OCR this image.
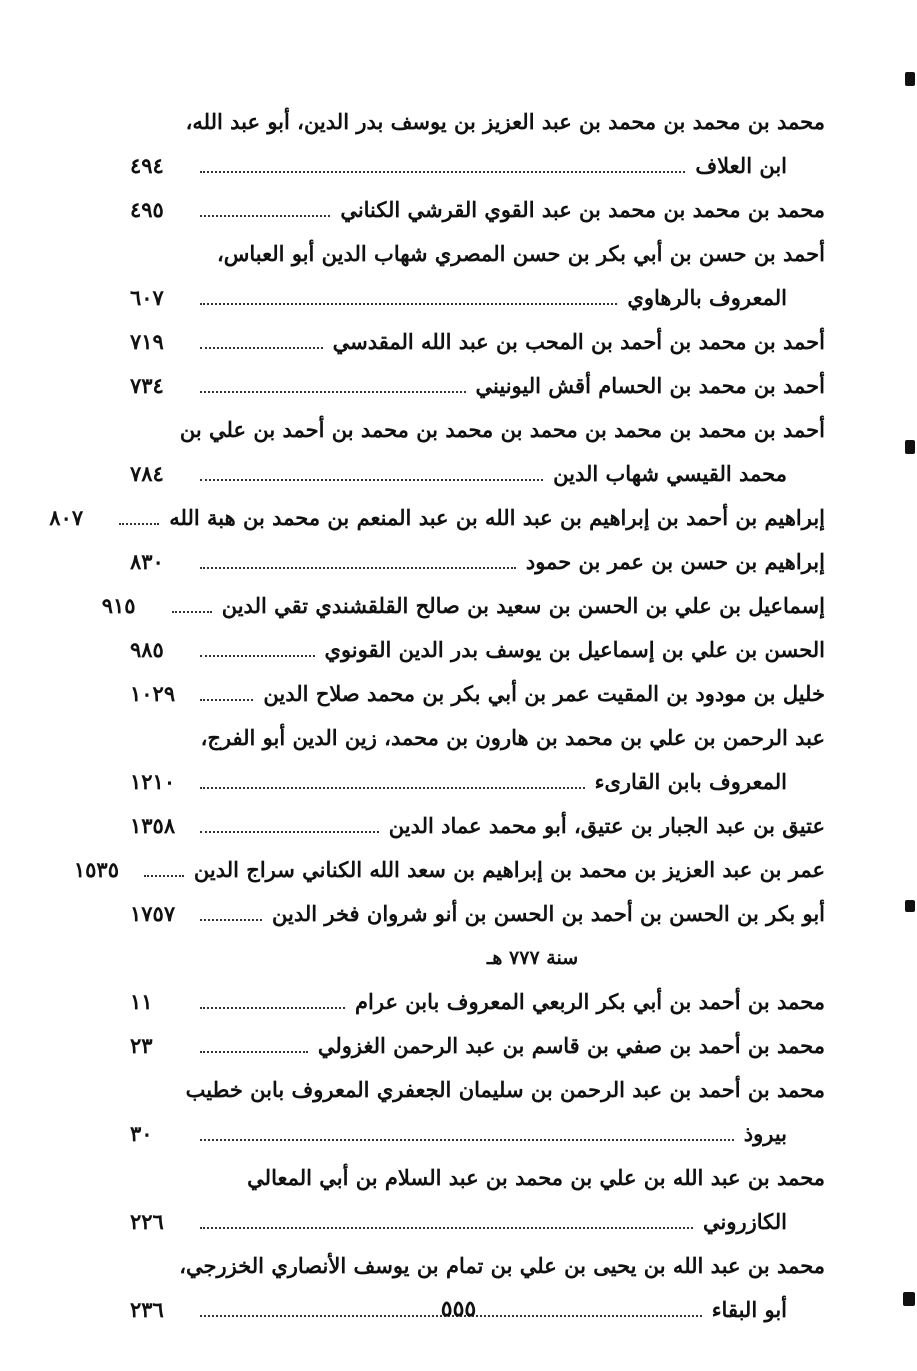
محمد بن محمد بن محمد بن عبد العزيز بن يوسف بدر الدين، أبو عبد الله،
ابن العلاف
٤٩٤
محمد بن محمد بن محمد بن عبد القوي القرشي الكناني
٤٩٥
أحمد بن حسن بن أبي بكر بن حسن المصري شهاب الدين أبو العباس،
المعروف بالرهاوي
٦٠٧
أحمد بن محمد بن أحمد بن المحب بن عبد الله المقدسي
٧١٩
أحمد بن محمد بن الحسام أقش اليونيني
٧٣٤
أحمد بن محمد بن محمد بن محمد بن محمد بن محمد بن أحمد بن علي بن
محمد القيسي شهاب الدين
٧٨٤
إبراهيم بن أحمد بن إبراهيم بن عبد الله بن عبد المنعم بن محمد بن هبة الله
٨٠٧
إبراهيم بن حسن بن عمر بن حمود
٨٣٠
إسماعيل بن علي بن الحسن بن سعيد بن صالح القلقشندي تقي الدين
٩١٥
الحسن بن علي بن إسماعيل بن يوسف بدر الدين القونوي
٩٨٥
خليل بن مودود بن المقيت عمر بن أبي بكر بن محمد صلاح الدين
١٠٢٩
عبد الرحمن بن علي بن محمد بن هارون بن محمد، زين الدين أبو الفرج،
المعروف بابن القارىء
١٢١٠
عتيق بن عبد الجبار بن عتيق، أبو محمد عماد الدين
١٣٥٨
عمر بن عبد العزيز بن محمد بن إبراهيم بن سعد الله الكناني سراج الدين
١٥٣٥
أبو بكر بن الحسن بن أحمد بن الحسن بن أنو شروان فخر الدين
١٧٥٧
سنة ٧٧٧ هـ
محمد بن أحمد بن أبي بكر الربعي المعروف بابن عرام
١١
محمد بن أحمد بن صفي بن قاسم بن عبد الرحمن الغزولي
٢٣
محمد بن أحمد بن عبد الرحمن بن سليمان الجعفري المعروف بابن خطيب
بيروذ
٣٠
محمد بن عبد الله بن علي بن محمد بن عبد السلام بن أبي المعالي
الكازروني
٢٢٦
محمد بن عبد الله بن يحيى بن علي بن تمام بن يوسف الأنصاري الخزرجي،
أبو البقاء
٢٣٦	٥٥٥
